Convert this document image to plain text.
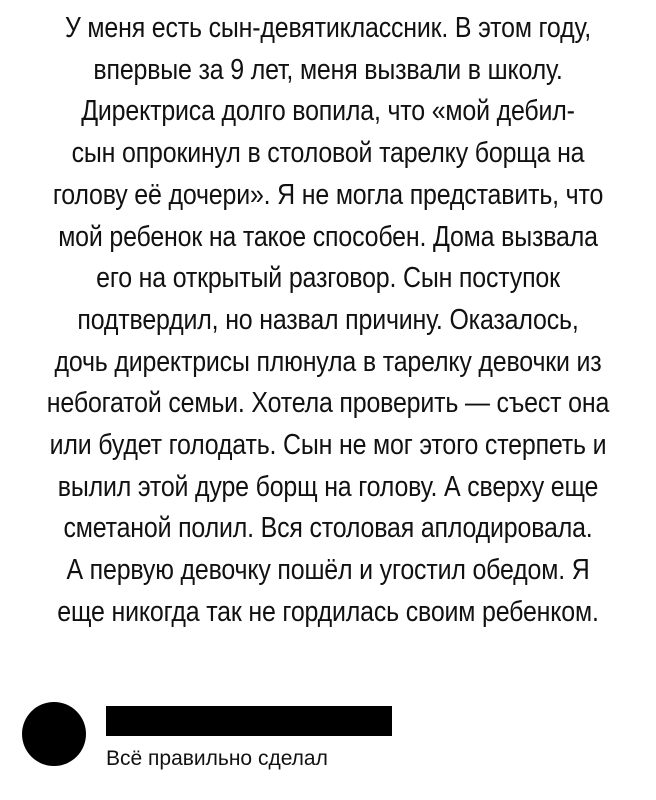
У меня есть сын-девятиклассник. В этом году,
впервые за 9 лет, меня вызвали в школу.
Директриса долго вопила, что «мой дебил-
сын опрокинул в столовой тарелку борща на
голову её дочери». Я не могла представить, что
мой ребенок на такое способен. Дома вызвала
его на открытый разговор. Сын поступок
подтвердил, но назвал причину. Оказалось,
дочь директрисы плюнула в тарелку девочки из
небогатой семьи. Хотела проверить — съест она
или будет голодать. Сын не мог этого стерпеть и
вылил этой дуре борщ на голову. А сверху еще
сметаной полил. Вся столовая аплодировала.
А первую девочку пошёл и угостил обедом. Я
еще никогда так не гордилась своим ребенком.
Всё правильно сделал
